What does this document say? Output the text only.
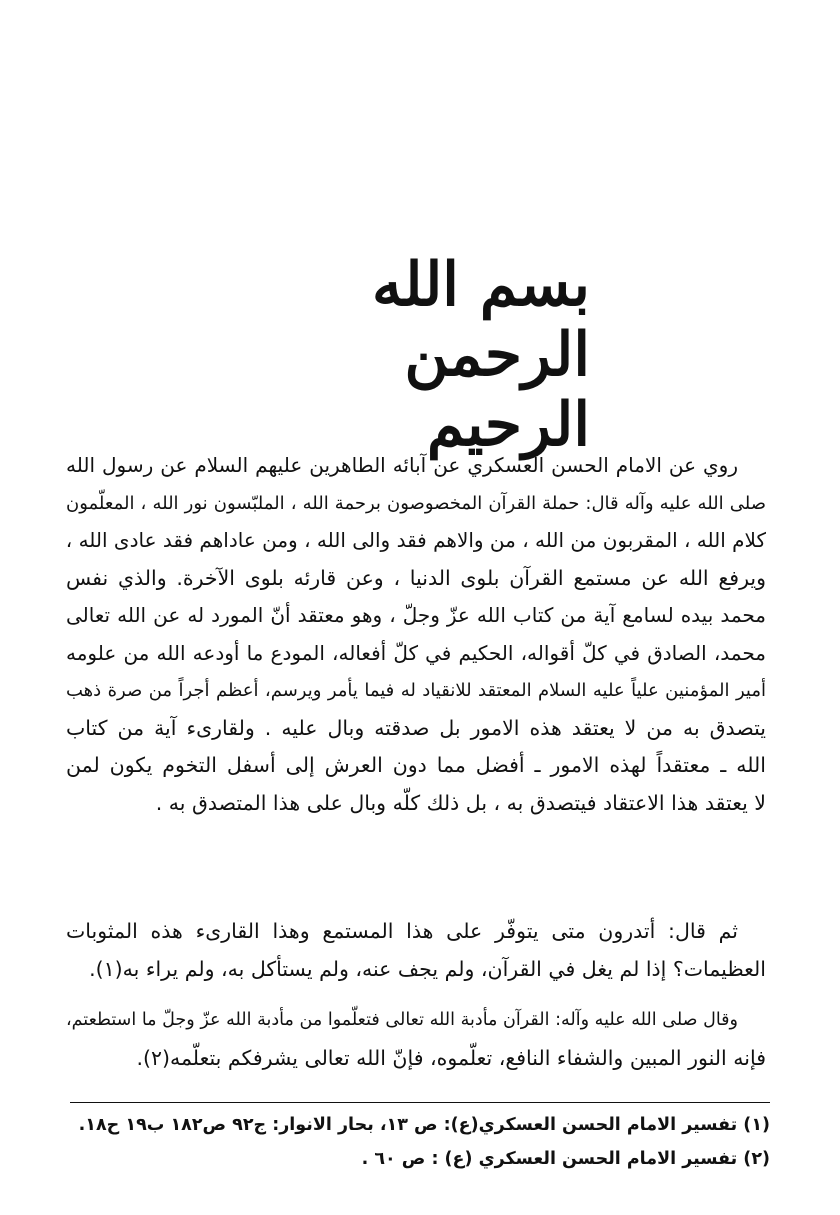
بسم الله الرحمن الرحيم
روي عن الامام الحسن العسكري عن آبائه الطاهرين عليهم السلام عن رسول الله
صلى الله عليه وآله قال: حملة القرآن المخصوصون برحمة الله ، الملبّسون نور الله ، المعلّمون
كلام الله ، المقربون من الله ، من والاهم فقد والى الله ، ومن عاداهم فقد عادى الله ،
ويرفع الله عن مستمع القرآن بلوى الدنيا ، وعن قارئه بلوى الآخرة. والذي نفس
محمد بيده لسامع آية من كتاب الله عزّ وجلّ ، وهو معتقد أنّ المورد له عن الله تعالى
محمد، الصادق في كلّ أقواله، الحكيم في كلّ أفعاله، المودع ما أودعه الله من علومه
أمير المؤمنين علياً عليه السلام المعتقد للانقياد له فيما يأمر ويرسم، أعظم أجراً من صرة ذهب
يتصدق به من لا يعتقد هذه الامور بل صدقته وبال عليه . ولقارىء آية من كتاب
الله ـ معتقداً لهذه الامور ـ أفضل مما دون العرش إلى أسفل التخوم يكون لمن
لا يعتقد هذا الاعتقاد فيتصدق به ، بل ذلك كلّه وبال على هذا المتصدق به .
ثم قال: أتدرون متى يتوفّر على هذا المستمع وهذا القارىء هذه المثوبات
العظيمات؟ إذا لم يغل في القرآن، ولم يجف عنه، ولم يستأكل به، ولم يراء به(١).
وقال صلى الله عليه وآله: القرآن مأدبة الله تعالى فتعلّموا من مأدبة الله عزّ وجلّ ما استطعتم،
فإنه النور المبين والشفاء النافع، تعلّموه، فإنّ الله تعالى يشرفكم بتعلّمه(٢).
(١) تفسير الامام الحسن العسكري(ع): ص ١٣، بحار الانوار: ج٩٢ ص١٨٢ ب١٩ ح١٨.
(٢) تفسير الامام الحسن العسكري (ع) : ص ٦٠ .
